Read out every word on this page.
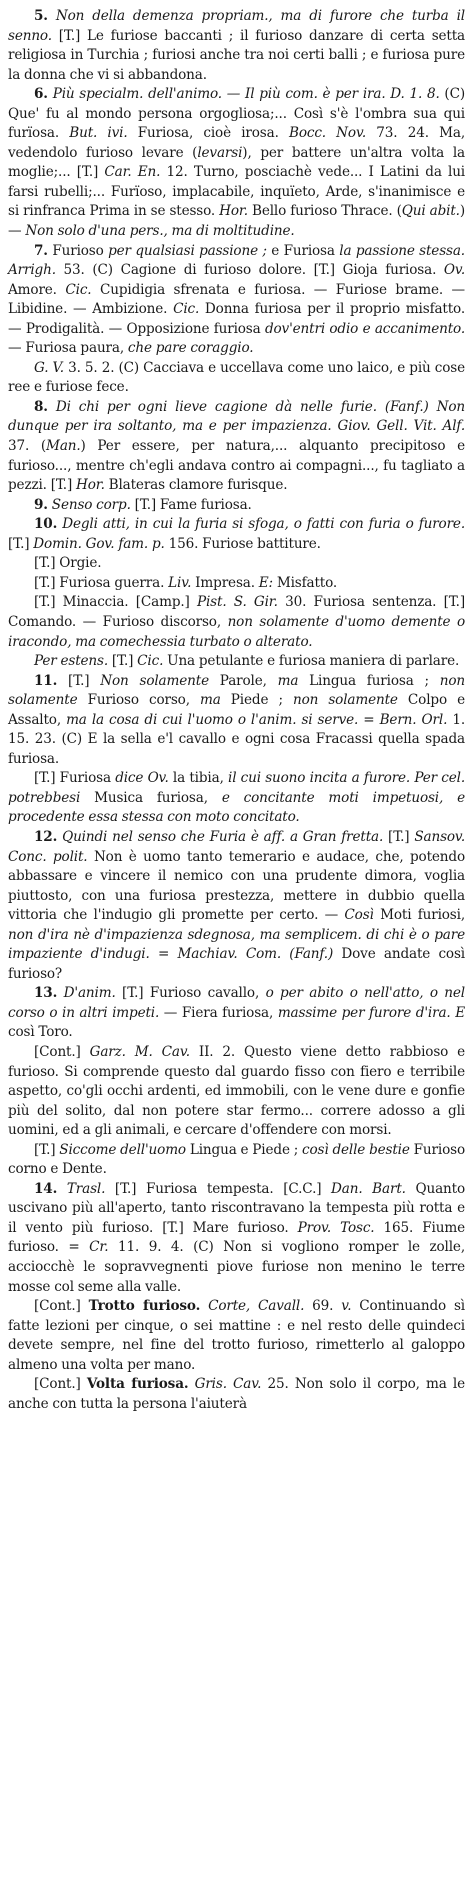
5. Non della demenza propriam., ma di furore che turba il senno. [T.] Le furiose baccanti ; il furioso danzare di certa setta religiosa in Turchia ; furiosi anche tra noi certi balli ; e furiosa pure la donna che vi si abbandona.

6. Più specialm. dell'animo. — Il più com. è per ira. D. 1. 8. (C) Que' fu al mondo persona orgogliosa;... Così s'è l'ombra sua qui furïosa. But. ivi. Furiosa, cioè irosa. Bocc. Nov. 73. 24. Ma, vedendolo furioso levare (levarsi), per battere un'altra volta la moglie;... [T.] Car. En. 12. Turno, posciachè vede... I Latini da lui farsi rubelli;... Furïoso, implacabile, inquïeto, Arde, s'inanimisce e si rinfranca Prima in se stesso. Hor. Bello furioso Thrace. (Qui abit.) — Non solo d'una pers., ma di moltitudine.

7. Furioso per qualsiasi passione ; e Furiosa la passione stessa. Arrigh. 53. (C) Cagione di furioso dolore. [T.] Gioja furiosa. Ov. Amore. Cic. Cupidigia sfrenata e furiosa. — Furiose brame. — Libidine. — Ambizione. Cic. Donna furiosa per il proprio misfatto. — Prodigalità. — Opposizione furiosa dov'entri odio e accanimento. — Furiosa paura, che pare coraggio.

G. V. 3. 5. 2. (C) Cacciava e uccellava come uno laico, e più cose ree e furiose fece.

8. Di chi per ogni lieve cagione dà nelle furie. (Fanf.) Non dunque per ira soltanto, ma e per impazienza. Giov. Gell. Vit. Alf. 37. (Man.) Per essere, per natura,... alquanto precipitoso e furioso..., mentre ch'egli andava contro ai compagni..., fu tagliato a pezzi. [T.] Hor. Blateras clamore furisque.

9. Senso corp. [T.] Fame furiosa.

10. Degli atti, in cui la furia si sfoga, o fatti con furia o furore. [T.] Domin. Gov. fam. p. 156. Furiose battiture.

[T.] Orgie.

[T.] Furiosa guerra. Liv. Impresa. E: Misfatto.

[T.] Minaccia. [Camp.] Pist. S. Gir. 30. Furiosa sentenza. [T.] Comando. — Furioso discorso, non solamente d'uomo demente o iracondo, ma comechessia turbato o alterato.

Per estens. [T.] Cic. Una petulante e furiosa maniera di parlare.

11. [T.] Non solamente Parole, ma Lingua furiosa ; non solamente Furioso corso, ma Piede ; non solamente Colpo e Assalto, ma la cosa di cui l'uomo o l'anim. si serve. = Bern. Orl. 1. 15. 23. (C) E la sella e'l cavallo e ogni cosa Fracassi quella spada furiosa.

[T.] Furiosa dice Ov. la tibia, il cui suono incita a furore. Per cel. potrebbesi Musica furiosa, e concitante moti impetuosi, e procedente essa stessa con moto concitato.

12. Quindi nel senso che Furia è aff. a Gran fretta. [T.] Sansov. Conc. polit. Non è uomo tanto temerario e audace, che, potendo abbassare e vincere il nemico con una prudente dimora, voglia piuttosto, con una furiosa prestezza, mettere in dubbio quella vittoria che l'indugio gli promette per certo. — Così Moti furiosi, non d'ira nè d'impazienza sdegnosa, ma semplicem. di chi è o pare impaziente d'indugi. = Machiav. Com. (Fanf.) Dove andate così furioso?

13. D'anim. [T.] Furioso cavallo, o per abito o nell'atto, o nel corso o in altri impeti. — Fiera furiosa, massime per furore d'ira. E così Toro.

[Cont.] Garz. M. Cav. II. 2. Questo viene detto rabbioso e furioso. Si comprende questo dal guardo fisso con fiero e terribile aspetto, co'gli occhi ardenti, ed immobili, con le vene dure e gonfie più del solito, dal non potere star fermo... correre adosso a gli uomini, ed a gli animali, e cercare d'offendere con morsi.

[T.] Siccome dell'uomo Lingua e Piede ; così delle bestie Furioso corno e Dente.

14. Trasl. [T.] Furiosa tempesta. [C.C.] Dan. Bart. Quanto uscivano più all'aperto, tanto riscontravano la tempesta più rotta e il vento più furioso. [T.] Mare furioso. Prov. Tosc. 165. Fiume furioso. = Cr. 11. 9. 4. (C) Non si vogliono romper le zolle, acciocchè le sopravvegnenti piove furiose non menino le terre mosse col seme alla valle.

[Cont.] Trotto furioso. Corte, Cavall. 69. v. Continuando sì fatte lezioni per cinque, o sei mattine : e nel resto delle quindeci devete sempre, nel fine del trotto furioso, rimetterlo al galoppo almeno una volta per mano.

[Cont.] Volta furiosa. Gris. Cav. 25. Non solo il corpo, ma le anche con tutta la persona l'aiuterà
